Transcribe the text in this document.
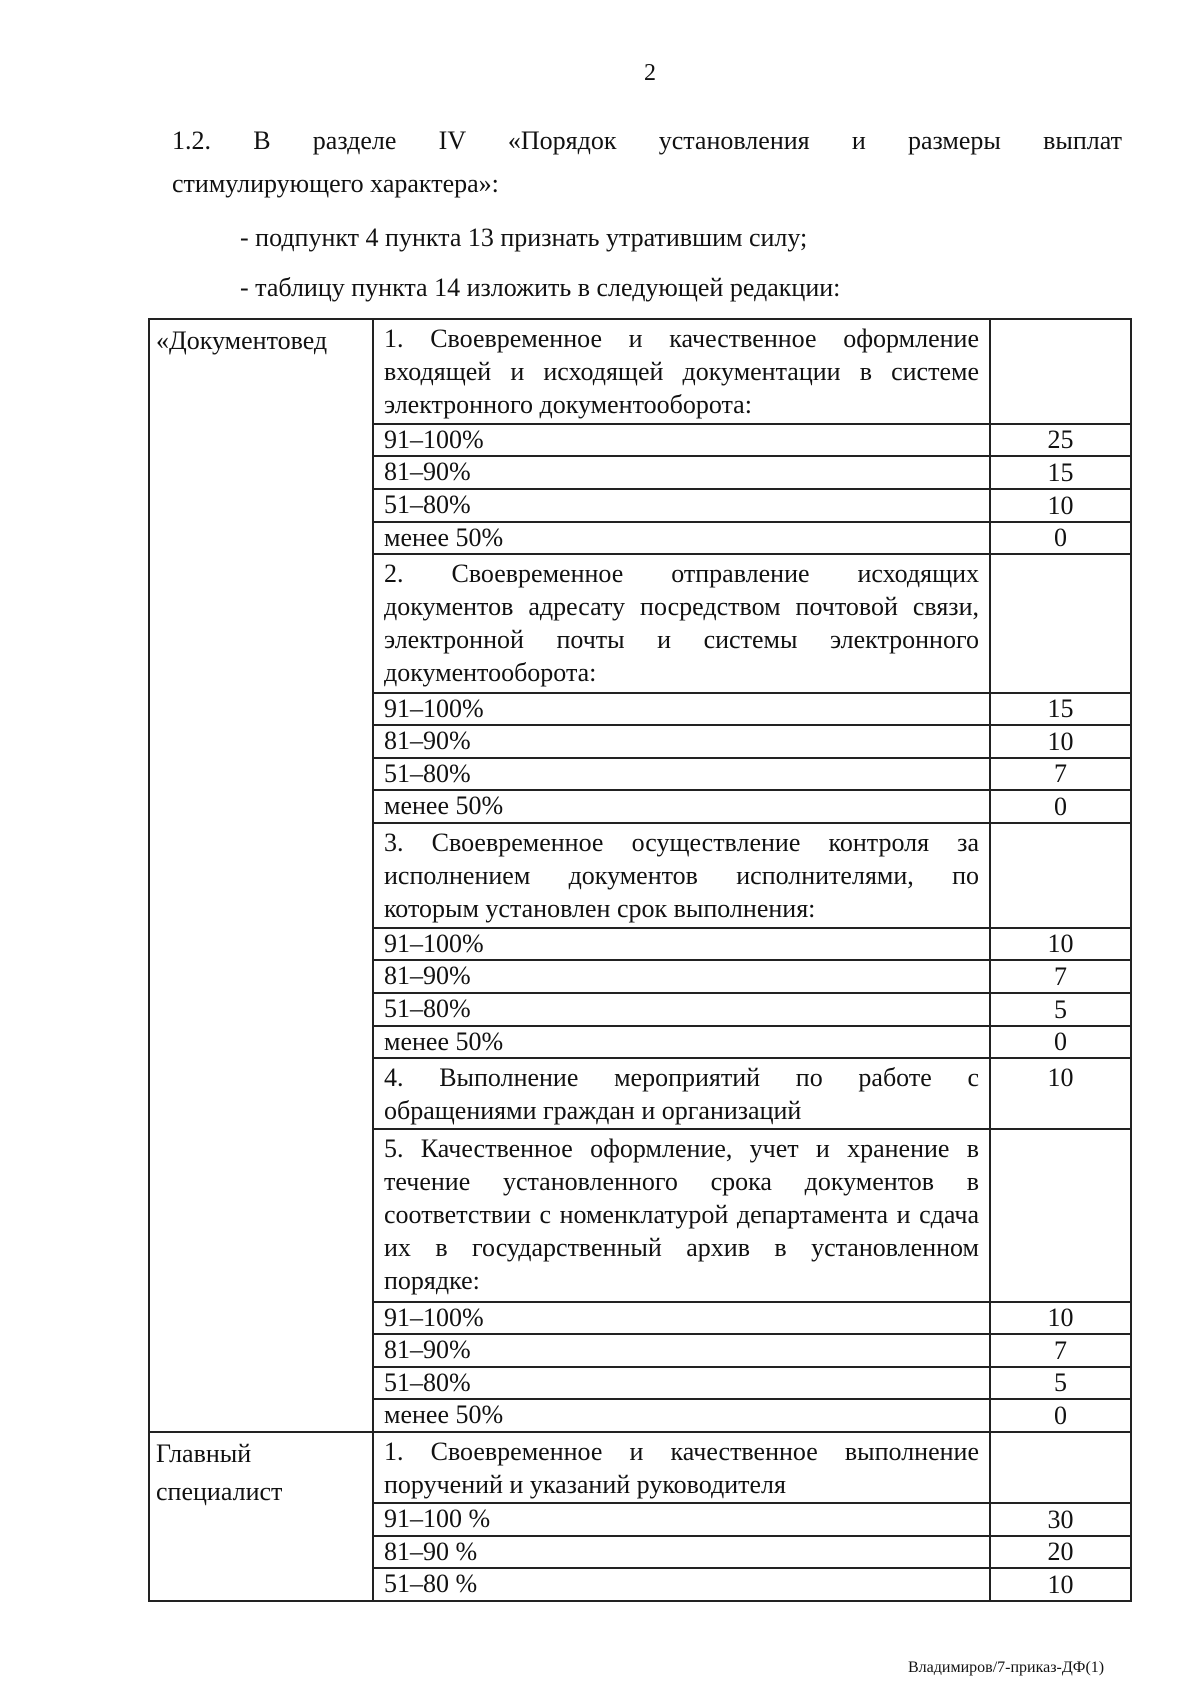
2
1.2. В разделе IV «Порядок установления и размеры выплат
стимулирующего характера»:
- подпункт 4 пункта 13 признать утратившим силу;
- таблицу пункта 14 изложить в следующей редакции:
«Документовед	1. Своевременное и качественное оформление входящей и исходящей документации в системе электронного документооборота:	
	91–100%	25
	81–90%	15
	51–80%	10
	менее 50%	0
	2. Своевременное отправление исходящих документов адресату посредством почтовой связи, электронной почты и системы электронного документооборота:	
	91–100%	15
	81–90%	10
	51–80%	7
	менее 50%	0
	3. Своевременное осуществление контроля за исполнением документов исполнителями, по которым установлен срок выполнения:	
	91–100%	10
	81–90%	7
	51–80%	5
	менее 50%	0
	4. Выполнение мероприятий по работе с обращениями граждан и организаций	10
	5. Качественное оформление, учет и хранение в течение установленного срока документов в соответствии с номенклатурой департамента и сдача их в государственный архив в установленном порядке:	
	91–100%	10
	81–90%	7
	51–80%	5
	менее 50%	0
Главный специалист	1. Своевременное и качественное выполнение поручений и указаний руководителя	
	91–100 %	30
	81–90 %	20
	51–80 %	10
Владимиров/7-приказ-ДФ(1)
